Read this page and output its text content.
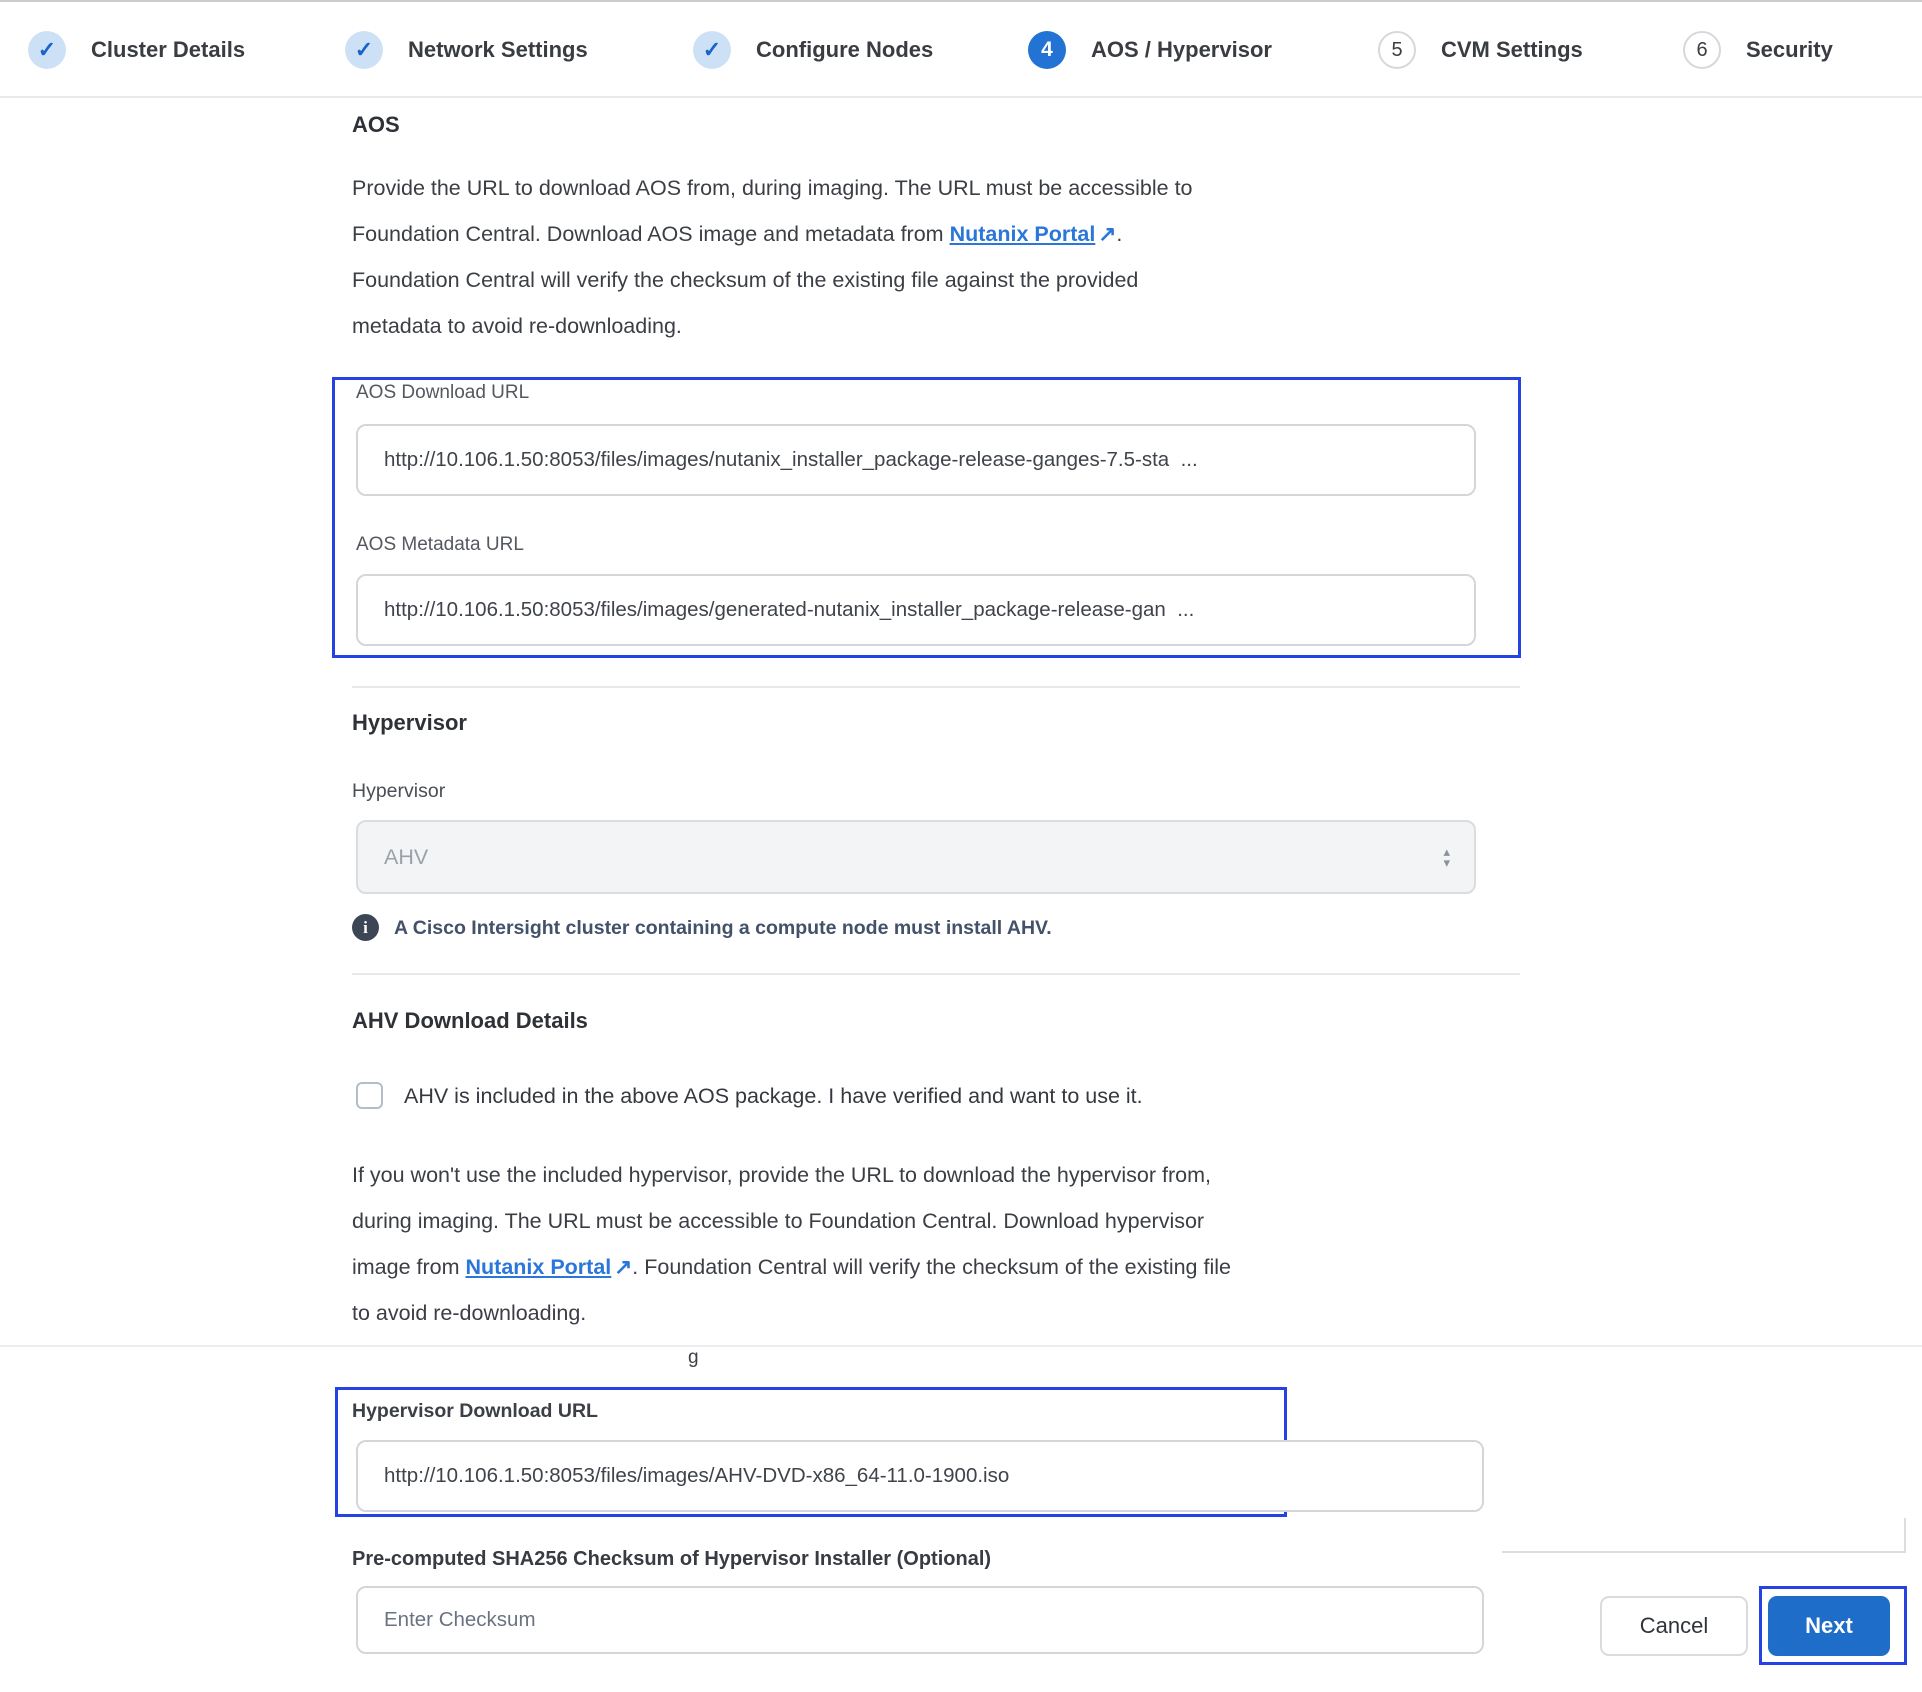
✓ Cluster Details	✓ Network Settings	✓ Configure Nodes	4 AOS / Hypervisor	5 CVM Settings	6 Security
AOS

Provide the URL to download AOS from, during imaging. The URL must be accessible to Foundation Central. Download AOS image and metadata from Nutanix Portal ↗. Foundation Central will verify the checksum of the existing file against the provided metadata to avoid re-downloading.

AOS Download URL
http://10.106.1.50:8053/files/images/nutanix_installer_package-release-ganges-7.5-sta ...
AOS Metadata URL
http://10.106.1.50:8053/files/images/generated-nutanix_installer_package-release-gan ...
Hypervisor
Hypervisor
AHV	▴
▾
i A Cisco Intersight cluster containing a compute node must install AHV.
AHV Download Details
AHV is included in the above AOS package. I have verified and want to use it.

If you won't use the included hypervisor, provide the URL to download the hypervisor from, during imaging. The URL must be accessible to Foundation Central. Download hypervisor image from Nutanix Portal ↗. Foundation Central will verify the checksum of the existing file to avoid re-downloading.

g
Hypervisor Download URL
http://10.106.1.50:8053/files/images/AHV-DVD-x86_64-11.0-1900.iso
Pre-computed SHA256 Checksum of Hypervisor Installer (Optional)
Enter Checksum
Cancel	Next
